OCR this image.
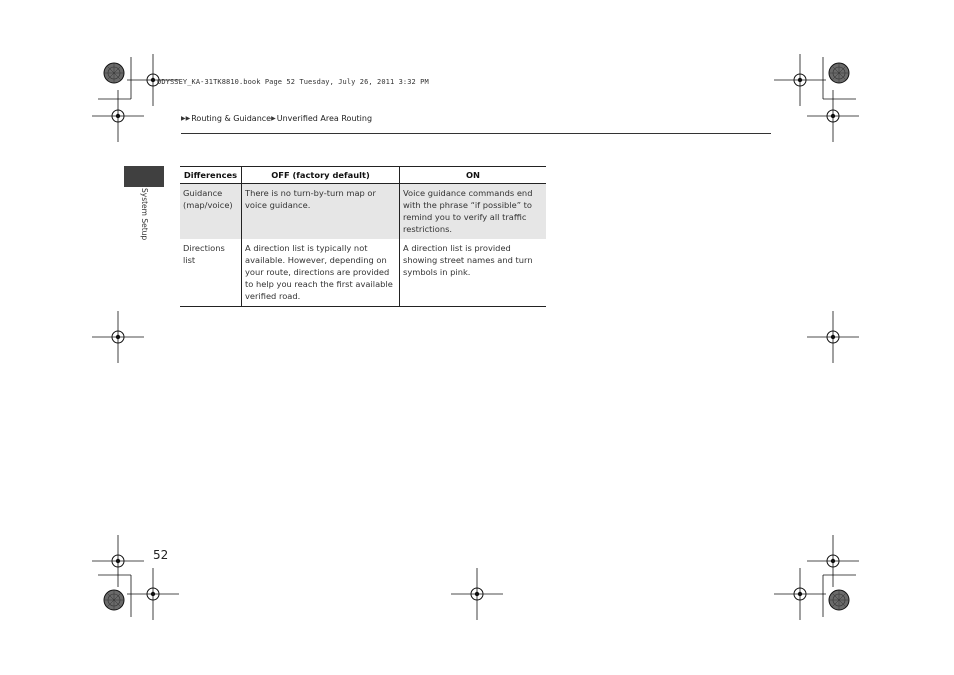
ODYSSEY_KA-31TK8810.book Page 52 Tuesday, July 26, 2011 3:32 PM
▶▶ Routing & Guidance ▶ Unverified Area Routing
System Setup
Differences	OFF (factory default)	ON
Guidance (map/voice)	There is no turn-by-turn map or voice guidance.	Voice guidance commands end with the phrase “if possible” to remind you to verify all traffic restrictions.
Directions list	A direction list is typically not available. However, depending on your route, directions are provided to help you reach the first available verified road.	A direction list is provided showing street names and turn symbols in pink.
52
